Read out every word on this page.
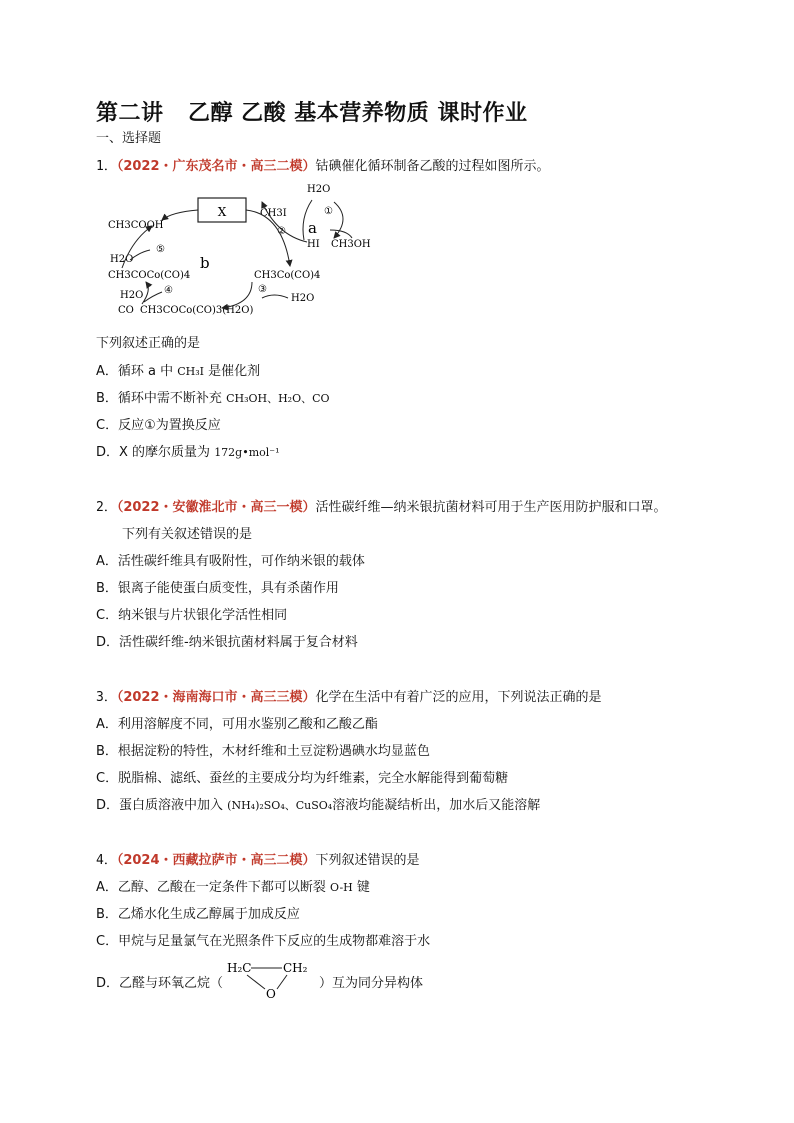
第二讲   乙醇 乙酸 基本营养物质 课时作业
一、选择题
1．（2022・广东茂名市・高三二模）钴碘催化循环制备乙酸的过程如图所示。
X
CH3COOH
H2O
CH3I
a
HI CH3OH
H2O	b
CH3COCo(CO)4	CH3Co(CO)4
H2O	H2O
CO CH3COCo(CO)3(H2O)
①
②
③
④
⑤
下列叙述正确的是
A．循环 a 中 CH₃I 是催化剂
B．循环中需不断补充 CH₃OH、H₂O、CO
C．反应①为置换反应
D．X 的摩尔质量为 172g•mol⁻¹
2．（2022・安徽淮北市・高三一模）活性碳纤维—纳米银抗菌材料可用于生产医用防护服和口罩。
下列有关叙述错误的是
A．活性碳纤维具有吸附性，可作纳米银的载体
B．银离子能使蛋白质变性，具有杀菌作用
C．纳米银与片状银化学活性相同
D．活性碳纤维-纳米银抗菌材料属于复合材料
3．（2022・海南海口市・高三三模）化学在生活中有着广泛的应用，下列说法正确的是
A．利用溶解度不同，可用水鉴别乙酸和乙酸乙酯
B．根据淀粉的特性，木材纤维和土豆淀粉遇碘水均显蓝色
C．脱脂棉、滤纸、蚕丝的主要成分均为纤维素，完全水解能得到葡萄糖
D．蛋白质溶液中加入 (NH₄)₂SO₄、CuSO₄溶液均能凝结析出，加水后又能溶解
4．（2024・西藏拉萨市・高三二模）下列叙述错误的是
A．乙醇、乙酸在一定条件下都可以断裂 O-H 键
B．乙烯水化生成乙醇属于加成反应
C．甲烷与足量氯气在光照条件下反应的生成物都难溶于水
D．乙醛与环氧乙烷（	）互为同分异构体
H₂C	CH₂
O
